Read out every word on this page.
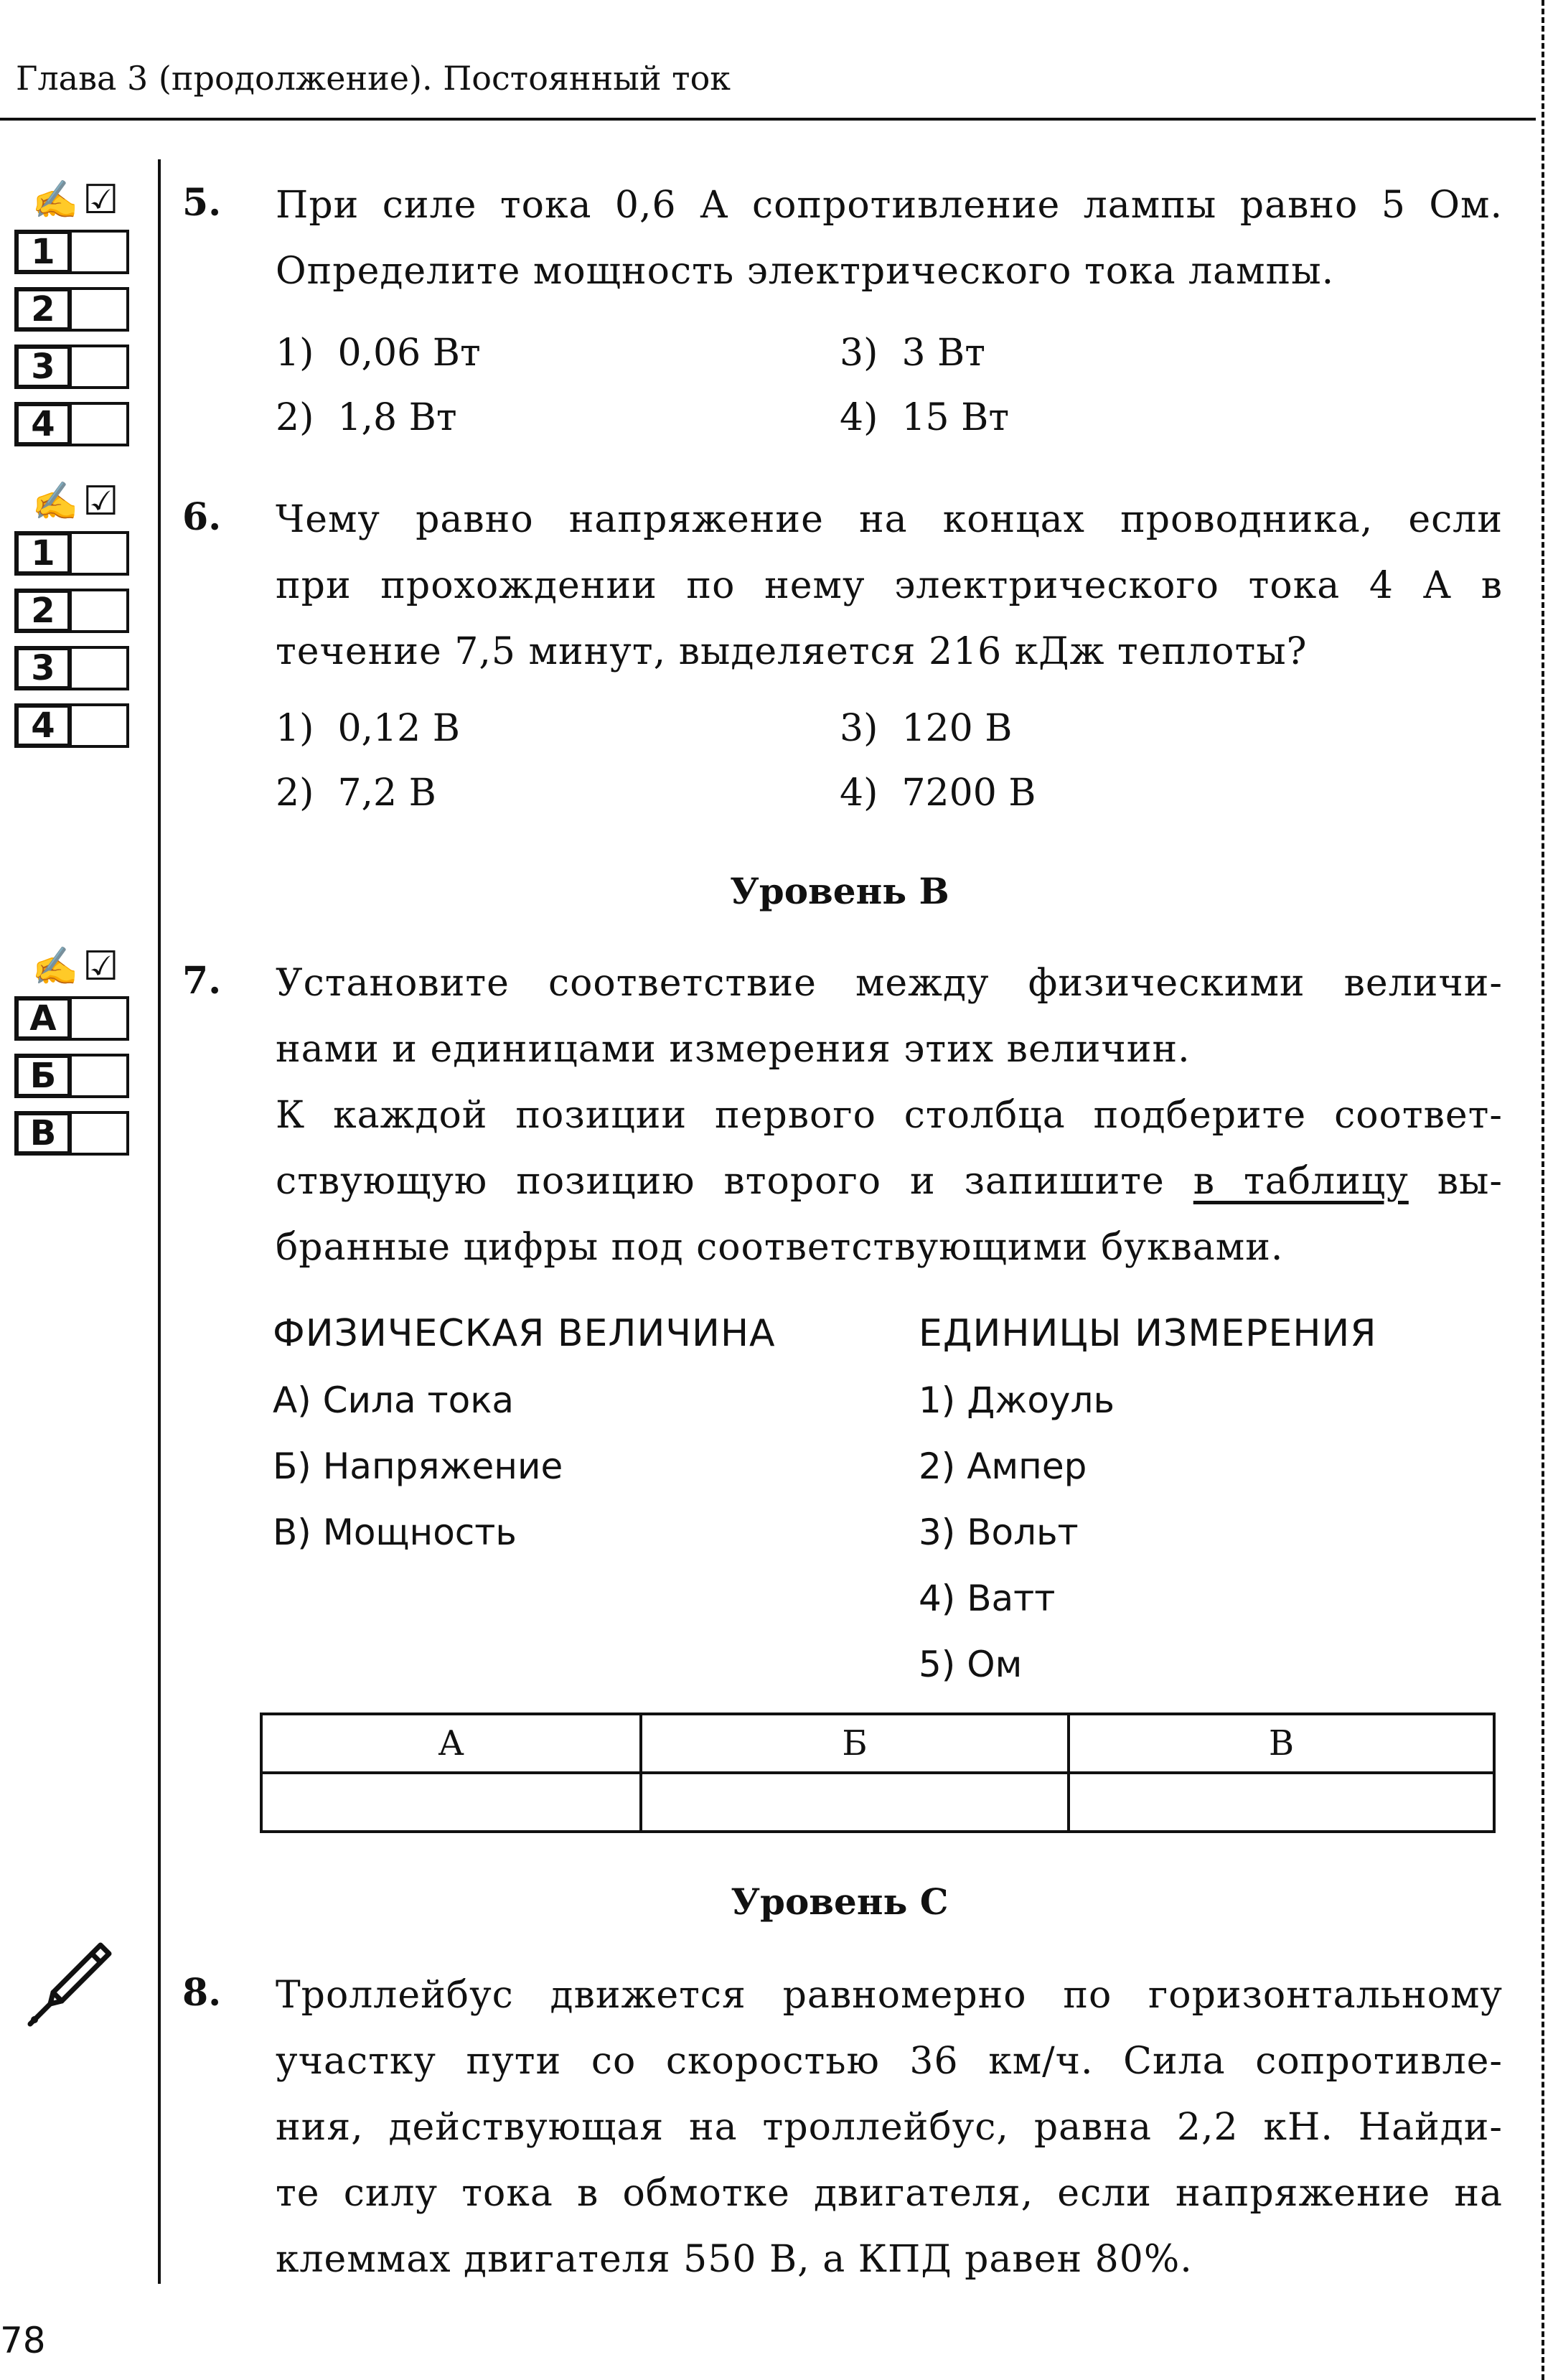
Глава 3 (продолжение). Постоянный ток
✍ ☑
1
2
3
4
5. При силе тока 0,6 А сопротивление лампы равно 5 Ом.

Определите мощность электрического тока лампы.

1) 0,06 Вт
2) 1,8 Вт
3) 3 Вт
4) 15 Вт
✍ ☑
1
2
3
4
6. Чему равно напряжение на концах проводника, если

при прохождении по нему электрического тока 4 А в

течение 7,5 минут, выделяется 216 кДж теплоты?

1) 0,12 В
2) 7,2 В
3) 120 В
4) 7200 В
Уровень В
✍ ☑
А
Б
В
7. Установите соответствие между физическими величи-

нами и единицами измерения этих величин.

К каждой позиции первого столбца подберите соответ-

ствующую позицию второго и запишите в таблицу вы-

бранные цифры под соответствующими буквами.

ФИЗИЧЕСКАЯ ВЕЛИЧИНА	ЕДИНИЦЫ ИЗМЕРЕНИЯ
А) Сила тока
Б) Напряжение
В) Мощность
1) Джоуль
2) Ампер
3) Вольт
4) Ватт
5) Ом
А	Б	В

Уровень С
8. Троллейбус движется равномерно по горизонтальному

участку пути со скоростью 36 км/ч. Сила сопротивле-

ния, действующая на троллейбус, равна 2,2 кН. Найди-

те силу тока в обмотке двигателя, если напряжение на

клеммах двигателя 550 В, а КПД равен 80%.

78
